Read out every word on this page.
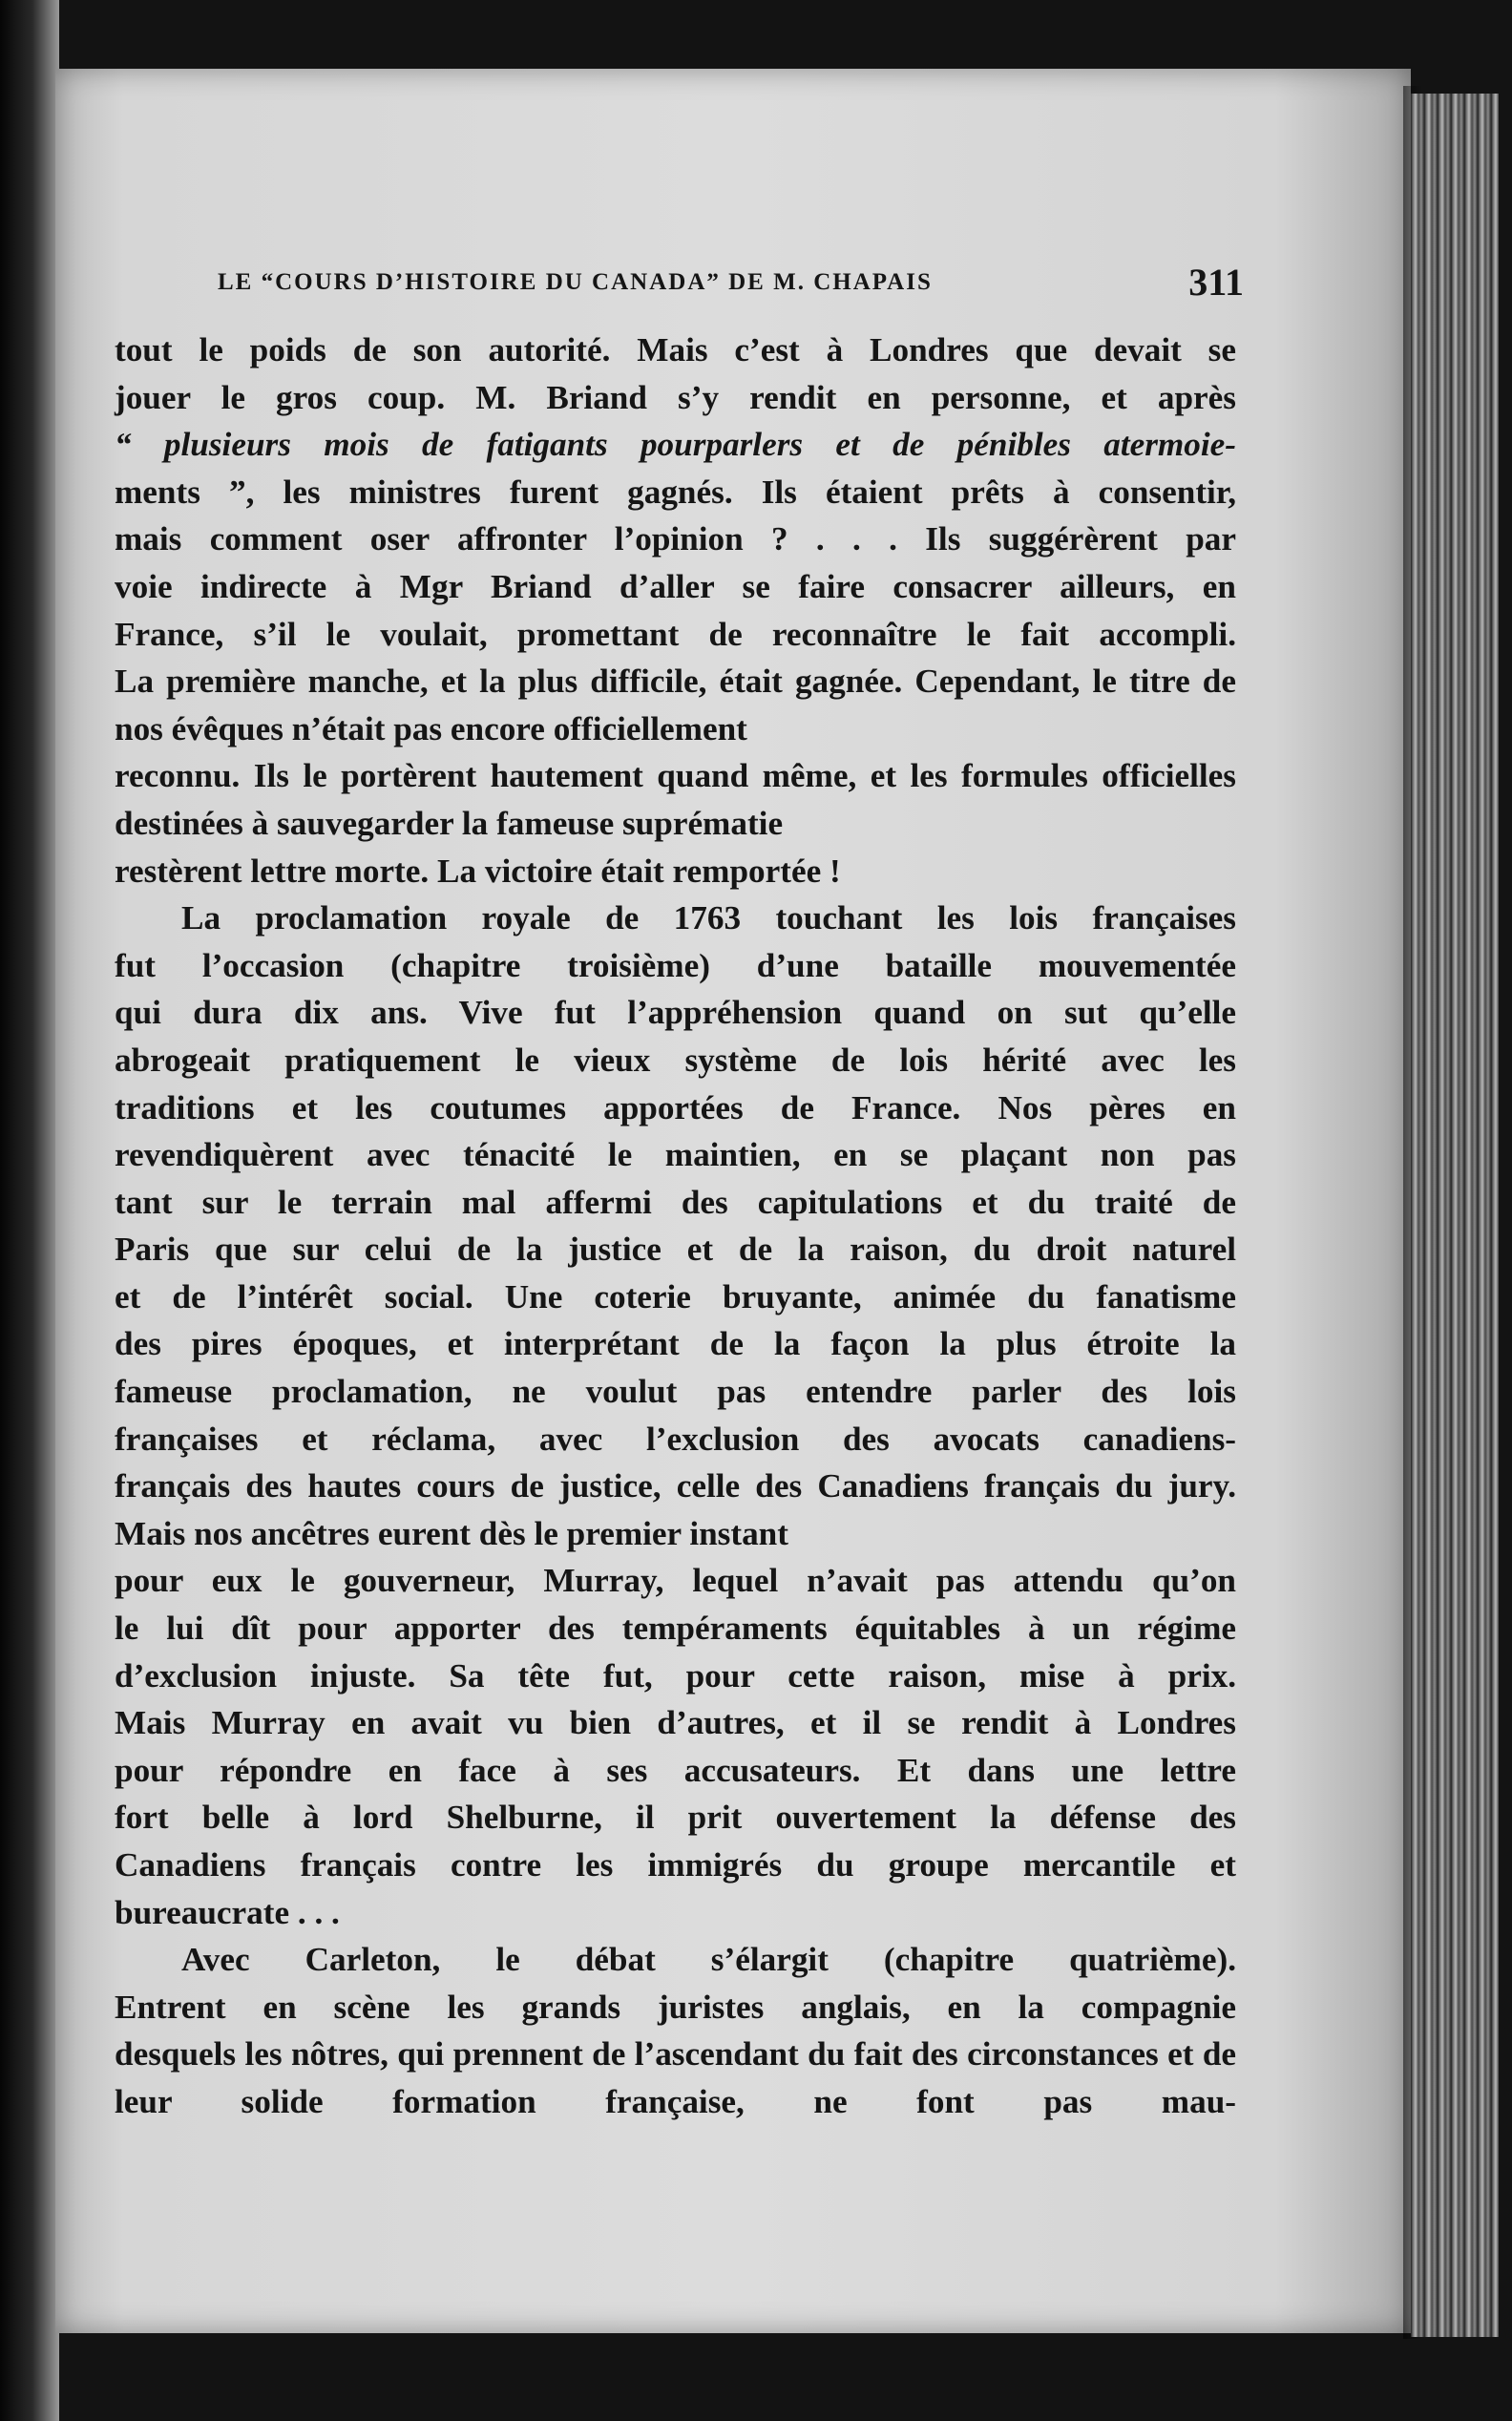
LE “COURS D’HISTOIRE DU CANADA” DE M. CHAPAIS	311

tout le poids de son autorité. Mais c’est à Londres que devait se
jouer le gros coup. M. Briand s’y rendit en personne, et après
“ plusieurs mois de fatigants pourparlers et de pénibles atermoie-
ments ”, les ministres furent gagnés. Ils étaient prêts à consentir,
mais comment oser affronter l’opinion ? . . . Ils suggérèrent par
voie indirecte à Mgr Briand d’aller se faire consacrer ailleurs, en
France, s’il le voulait, promettant de reconnaître le fait accompli.
La première manche, et la plus difficile, était gagnée. Cependant, le titre de nos évêques n’était pas encore officiellement
reconnu. Ils le portèrent hautement quand même, et les formules officielles destinées à sauvegarder la fameuse suprématie
restèrent lettre morte. La victoire était remportée !

La proclamation royale de 1763 touchant les lois françaises
fut l’occasion (chapitre troisième) d’une bataille mouvementée
qui dura dix ans. Vive fut l’appréhension quand on sut qu’elle
abrogeait pratiquement le vieux système de lois hérité avec les
traditions et les coutumes apportées de France. Nos pères en
revendiquèrent avec ténacité le maintien, en se plaçant non pas
tant sur le terrain mal affermi des capitulations et du traité de
Paris que sur celui de la justice et de la raison, du droit naturel
et de l’intérêt social. Une coterie bruyante, animée du fanatisme
des pires époques, et interprétant de la façon la plus étroite la
fameuse proclamation, ne voulut pas entendre parler des lois
françaises et réclama, avec l’exclusion des avocats canadiens-
français des hautes cours de justice, celle des Canadiens français du jury. Mais nos ancêtres eurent dès le premier instant
pour eux le gouverneur, Murray, lequel n’avait pas attendu qu’on
le lui dît pour apporter des tempéraments équitables à un régime
d’exclusion injuste. Sa tête fut, pour cette raison, mise à prix.
Mais Murray en avait vu bien d’autres, et il se rendit à Londres
pour répondre en face à ses accusateurs. Et dans une lettre
fort belle à lord Shelburne, il prit ouvertement la défense des
Canadiens français contre les immigrés du groupe mercantile et
bureaucrate . . .

Avec Carleton, le débat s’élargit (chapitre quatrième).
Entrent en scène les grands juristes anglais, en la compagnie
desquels les nôtres, qui prennent de l’ascendant du fait des circonstances et de leur solide formation française, ne font pas mau-
